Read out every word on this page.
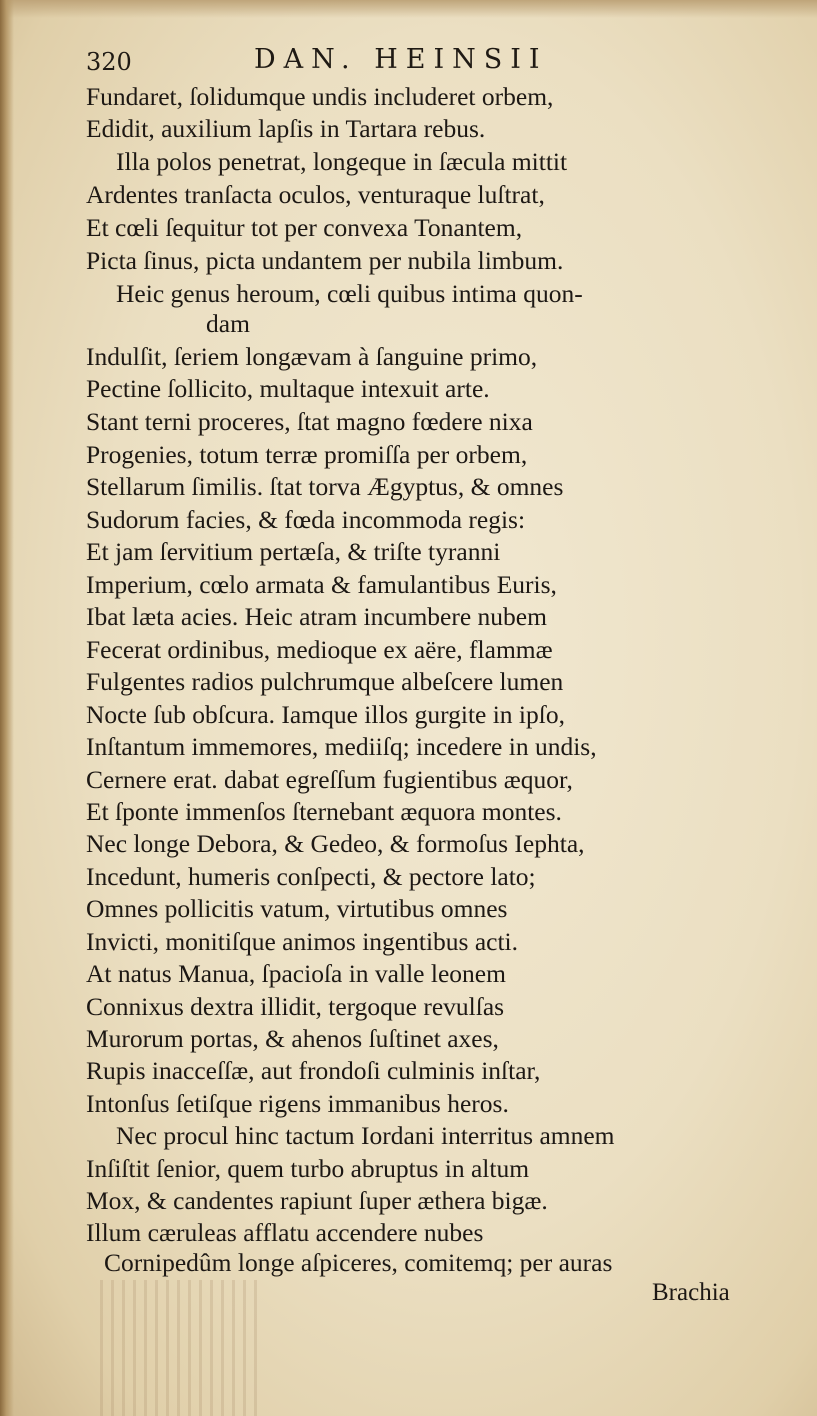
320	DAN. HEINSII
Fundaret, ſolidumque undis includeret orbem,
Edidit, auxilium lapſis in Tartara rebus.
Illa polos penetrat, longeque in ſæcula mittit
Ardentes tranſacta oculos, venturaque luſtrat,
Et cœli ſequitur tot per convexa Tonantem,
Picta ſinus, picta undantem per nubila limbum.
Heic genus heroum, cœli quibus intima quon-
dam
Indulſit, ſeriem longævam à ſanguine primo,
Pectine ſollicito, multaque intexuit arte.
Stant terni proceres, ſtat magno fœdere nixa
Progenies, totum terræ promiſſa per orbem,
Stellarum ſimilis. ſtat torva Ægyptus, & omnes
Sudorum facies, & fœda incommoda regis:
Et jam ſervitium pertæſa, & triſte tyranni
Imperium, cœlo armata & famulantibus Euris,
Ibat læta acies. Heic atram incumbere nubem
Fecerat ordinibus, medioque ex aëre, flammæ
Fulgentes radios pulchrumque albeſcere lumen
Nocte ſub obſcura. Iamque illos gurgite in ipſo,
Inſtantum immemores, mediiſq; incedere in undis,
Cernere erat. dabat egreſſum fugientibus æquor,
Et ſponte immenſos ſternebant æquora montes.
Nec longe Debora, & Gedeo, & formoſus Iephta,
Incedunt, humeris conſpecti, & pectore lato;
Omnes pollicitis vatum, virtutibus omnes
Invicti, monitiſque animos ingentibus acti.
At natus Manua, ſpacioſa in valle leonem
Connixus dextra illidit, tergoque revulſas
Murorum portas, & ahenos ſuſtinet axes,
Rupis inacceſſæ, aut frondoſi culminis inſtar,
Intonſus ſetiſque rigens immanibus heros.
Nec procul hinc tactum Iordani interritus amnem
Inſiſtit ſenior, quem turbo abruptus in altum
Mox, & candentes rapiunt ſuper æthera bigæ.
Illum cæruleas afflatu accendere nubes
Cornipedûm longe aſpiceres, comitemq; per auras
Brachia
